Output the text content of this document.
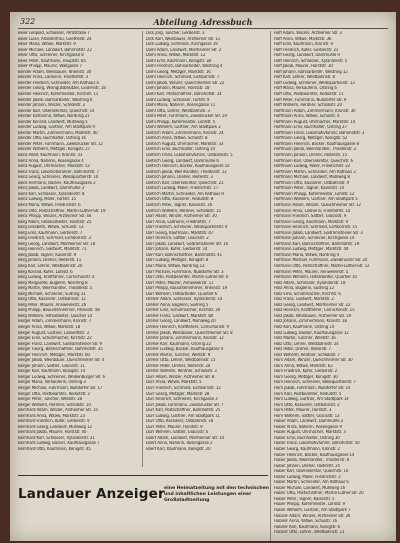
322	Abteilung Adressbuch

Beier Leopold, Schlosser, Amtstraße 7

Beier Luise, Arbeiterfrau, Goethestr. 24

Beier Maria, Witwe, Marktstr. 9

Beier Michael, Landwirt, Bahnhofstr. 22

Beier Otto, Schreiner, Kirchgasse 8

Beier Peter, Kaufmann, Hauptstr. 65

Beier Philipp, Maurer, Wallgasse 7

Bender Adam, Weinbauer, Rheinstr. 30

Bender Anna, Ladnerin, Friedhofstr. 3

Bender Friedrich, Schneider, Am Rathaus 4

Bender Georg, Weingutsbesitzer, Lindenstr. 18

Bender Heinrich, Küfermeister, Kirchstr. 11

Bender Jakob, Bahnarbeiter, Westring 6

Bender Johann, Winzer, Schloßstr. 2

Bender Karl, Obersekretär, Queichstr. 14

Bender Katharina, Witwe, Nordring 21

Bender Konrad, Landwirt, Mühlweg 5

Bender Ludwig, Gärtner, Am Stadtpark 9

Bender Martin, Zimmermann, Marktstr. 40

Bender Otto, Buchhalter, Ostring 16

Bender Peter, Fuhrmann, Zweibrücker Str. 12

Bender Wilhelm, Metzger, Königstr. 27

Benz Adolf, Kaufmann, Kronstr. 33

Benz Anna, Näherin, Rosengasse 4

Benz August, Uhrmacher, Marktstr. 52

Benz Franz, Lokomotivführer, Bahnhofstr. 7

Benz Georg, Schreiner, Weißquartierstr. 10

Benz Hermann, Bäcker, Kaufhausgasse 2

Benz Jakob, Landwirt, Dammühle 3

Benz Karl, Schlosser, Xylanderstr. 8

Benz Ludwig, Maler, Fortstr. 15

Benz Maria, Witwe, Friedrichstr. 6

Benz Otto, Postschaffner, Martin-Luther-Str. 19

Benz Philipp, Winzer, Arzheimer Str. 44

Berg Adam, Fabrikarbeiter, Horststr. 25

Berg Elisabeth, Witwe, Schulstr. 13

Berg Emil, Kaufmann, Gerberstr. 7

Berg Friedrich, Schmied, Eichbornstr. 3

Berg Georg, Landwirt, Mörlheimer Str. 18

Berg Heinrich, Gastwirt, Marktstr. 71

Berg Jakob, Tagner, Kaiserstr. 9

Berg Johann, Dreher, Reiterstr. 11

Berg Karl, Lehrer, Westbahnstr. 20

Berg Konrad, Küfer, Löhlstr. 6

Berg Ludwig, Kraftfahrer, Cornichonstr. 4

Berg Margarete, Büglerin, Nordring 8

Berg Martin, Weinhändler, Theaterstr. 5

Berg Michael, Schreiner, Südring 31

Berg Otto, Kassierer, Ostbahnstr. 12

Berg Peter, Maurer, Annweilerstr. 26

Berg Philipp, Bauunternehmer, Rheinstr. 48

Berg Wilhelm, Hilfsarbeiter, Quartier 14

Berger Adam, Zimmermann, Kronstr. 7

Berger Anna, Witwe, Marktstr. 18

Berger August, Gärtner, Lazarettstr. 3

Berger Emil, Schuhmacher, Kirchstr. 22

Berger Franz, Landwirt, Godramsteiner Str. 9

Berger Georg, Bahnschaffner, Bahnhofstr. 35

Berger Heinrich, Metzger, Marktstr. 60

Berger Jakob, Weinbauer, Queichheimer Str. 4

Berger Johann, Sattler, Glacisstr. 11

Berger Karl, Kaufmann, Königstr. 14

Berger Ludwig, Schreiner, Weißenburger Str. 6

Berger Maria, Verkäuferin, Ostring 3

Berger Michael, Fuhrmann, Nußdorfer Str. 17

Berger Otto, Postbeamter, Reduitstr. 2

Berger Peter, Tüncher, Weststr. 28

Berger Wilhelm, Rentner, Schloßstr. 10

Bernhard Adam, Winzer, Arzheimer Str. 15

Bernhard Anna, Witwe, Marktstr. 23

Bernhard Friedrich, Küfer, Gerberstr. 9

Bernhard Georg, Landwirt, Mühlweg 12

Bernhard Jakob, Maurer, Horststr. 40

Bernhard Karl, Schlosser, Xylanderstr. 21

Bernhard Ludwig, Bäcker, Kaufhausgasse 7

Bernhard Otto, Kaufmann, Königstr. 45

Dick Jörg, Tüncher, Gerberstr. 3

Dick Karl, Weinbauer, Arzheimer Str. 11

Dick Ludwig, Schreiner, Kirchgasse 19

Diehl Adam, Landwirt, Mörlheimer Str. 2

Diehl Anna, Witwe, Marktstr. 12

Diehl Emil, Kaufmann, Königstr. 38

Diehl Friedrich, Bahnarbeiter, Westring 4

Diehl Georg, Metzger, Marktstr. 16

Diehl Heinrich, Schmied, Eichbornstr. 7

Diehl Jakob, Winzer, Queichheimer Str. 22

Diehl Johann, Maurer, Horststr. 18

Diehl Karl, Postschaffner, Bahnhofstr. 14

Diehl Ludwig, Schlosser, Fortstr. 9

Diehl Maria, Näherin, Rosengasse 11

Diehl Otto, Lehrer, Westbahnstr. 3

Diehl Peter, Fuhrmann, Zweibrücker Str. 29

Diehl Philipp, Küfermeister, Löhlstr. 5

Diehl Wilhelm, Gärtner, Am Stadtpark 2

Dietrich Adam, Zimmermann, Kronstr. 24

Dietrich Anna, Witwe, Schulstr. 8

Dietrich August, Uhrmacher, Marktstr. 33

Dietrich Emil, Buchhalter, Ostring 10

Dietrich Franz, Lokomotivführer, Ostbahnstr. 5

Dietrich Georg, Landwirt, Dammühle 6

Dietrich Heinrich, Bäcker, Kaufhausgasse 10

Dietrich Jakob, Weinhändler, Theaterstr. 12

Dietrich Johann, Dreher, Reiterstr. 3

Dietrich Karl, Obersekretär, Queichstr. 21

Dietrich Ludwig, Maler, Friedrichstr. 17

Dietrich Martin, Schneider, Am Rathaus 9

Dietrich Otto, Kassierer, Reduitstr. 8

Dietrich Peter, Tagner, Kaiserstr. 26

Dietrich Wilhelm, Rentner, Schloßstr. 15

Dörr Adam, Winzer, Arzheimer Str. 30

Dörr Anna, Ladnerin, Friedhofstr. 7

Dörr Friedrich, Schreiner, Weißquartierstr. 4

Dörr Georg, Kaufmann, Marktstr. 47

Dörr Heinrich, Sattler, Glacisstr. 2

Dörr Jakob, Landwirt, Godramsteiner Str. 16

Dörr Johann, Küfer, Gerberstr. 14

Dörr Karl, Bahnschaffner, Bahnhofstr. 41

Dörr Ludwig, Metzger, Königstr. 8

Dörr Maria, Witwe, Nordring 13

Dörr Michael, Fuhrmann, Nußdorfer Str. 3

Dörr Otto, Postbeamter, Martin-Luther-Str. 6

Dörr Peter, Maurer, Annweilerstr. 11

Dörr Philipp, Bauunternehmer, Rheinstr. 19

Dörr Wilhelm, Hilfsarbeiter, Quartier 6

Dreher Adam, Schlosser, Xylanderstr. 14

Dreher Anna, Büglerin, Südring 5

Dreher Emil, Schuhmacher, Kirchstr. 30

Dreher Franz, Gastwirt, Marktstr. 80

Dreher Georg, Landwirt, Mühlweg 20

Dreher Heinrich, Kraftfahrer, Cornichonstr. 9

Dreher Jakob, Weinbauer, Queichheimer Str. 8

Dreher Johann, Zimmermann, Kronstr. 12

Dreher Karl, Kaufmann, Ostring 22

Dreher Ludwig, Bäcker, Kaufhausgasse 4

Dreher Martin, Tüncher, Weststr. 9

Dreher Otto, Lehrer, Westbahnstr. 15

Dreher Peter, Dreher, Reiterstr. 20

Dreher Wilhelm, Rentner, Schloßstr. 3

Dürr Adam, Winzer, Arzheimer Str. 8

Dürr Anna, Witwe, Marktstr. 5

Dürr Friedrich, Schmied, Eichbornstr. 12

Dürr Georg, Metzger, Marktstr. 28

Dürr Heinrich, Schreiner, Kirchgasse 3

Dürr Jakob, Fuhrmann, Zweibrücker Str. 7

Dürr Karl, Postschaffner, Bahnhofstr. 25

Dürr Ludwig, Gärtner, Am Stadtpark 11

Dürr Otto, Kassierer, Ostbahnstr. 18

Dürr Peter, Maurer, Horststr. 9

Dürr Wilhelm, Sattler, Glacisstr. 6

Ebert Adam, Landwirt, Mörlheimer Str. 14

Ebert Anna, Näherin, Rosengasse 2

Ebert Karl, Kaufmann, Königstr. 20

Hoff Adam, Winzer, Arzheimer Str. 3

Hoff Anna, Witwe, Marktstr. 36

Hoff Emil, Kaufmann, Kronstr. 9

Hoff Friedrich, Küfer, Gerberstr. 21

Hoff Georg, Landwirt, Dammühle 9

Hoff Heinrich, Schlosser, Xylanderstr. 5

Hoff Jakob, Maurer, Horststr. 30

Hoff Johann, Bahnarbeiter, Westring 12

Hoff Karl, Lehrer, Westbahnstr. 8

Hoff Ludwig, Schreiner, Weißquartierstr. 13

Hoff Maria, Verkäuferin, Ostring 6

Hoff Otto, Postbeamter, Reduitstr. 11

Hoff Peter, Fuhrmann, Nußdorfer Str. 9

Hoff Wilhelm, Rentner, Schloßstr. 20

Hoffmann Adam, Zimmermann, Kronstr. 30

Hoffmann Anna, Witwe, Schulstr. 4

Hoffmann August, Uhrmacher, Marktstr. 14

Hoffmann Emil, Buchhalter, Ostring 27

Hoffmann Franz, Lokomotivführer, Bahnhofstr. 3

Hoffmann Georg, Metzger, Königstr. 52

Hoffmann Heinrich, Bäcker, Kaufhausgasse 8

Hoffmann Jakob, Weinhändler, Theaterstr. 2

Hoffmann Johann, Dreher, Reiterstr. 15

Hoffmann Karl, Obersekretär, Queichstr. 6

Hoffmann Ludwig, Maler, Friedrichstr. 22

Hoffmann Martin, Schneider, Am Rathaus 2

Hoffmann Michael, Landwirt, Mühlweg 8

Hoffmann Otto, Kassierer, Ostbahnstr. 9

Hoffmann Peter, Tagner, Kaiserstr. 14

Hoffmann Philipp, Küfermeister, Löhlstr. 12

Hoffmann Wilhelm, Gärtner, Am Stadtpark 5

Hofmann Adam, Winzer, Queichheimer Str. 12

Hofmann Anna, Ladnerin, Friedhofstr. 10

Hofmann Friedrich, Sattler, Glacisstr. 9

Hofmann Georg, Kaufmann, Marktstr. 9

Hofmann Heinrich, Schmied, Eichbornstr. 15

Hofmann Jakob, Landwirt, Godramsteiner Str. 3

Hofmann Johann, Schreiner, Kirchgasse 14

Hofmann Karl, Bahnschaffner, Bahnhofstr. 19

Hofmann Ludwig, Metzger, Marktstr. 44

Hofmann Maria, Witwe, Nordring 4

Hofmann Michael, Fuhrmann, Zweibrücker Str. 20

Hofmann Otto, Postschaffner, Martin-Luther-Str. 12

Hofmann Peter, Maurer, Annweilerstr. 5

Hofmann Wilhelm, Hilfsarbeiter, Quartier 10

Holz Adam, Schlosser, Xylanderstr. 18

Holz Anna, Büglerin, Südring 12

Holz Emil, Schuhmacher, Kirchstr. 6

Holz Franz, Gastwirt, Marktstr. 2

Holz Georg, Landwirt, Mörlheimer Str. 22

Holz Heinrich, Kraftfahrer, Cornichonstr. 15

Holz Jakob, Weinbauer, Arzheimer Str. 19

Holz Johann, Zimmermann, Kronstr. 18

Holz Karl, Kaufmann, Ostring 14

Holz Ludwig, Bäcker, Kaufhausgasse 12

Holz Martin, Tüncher, Weststr. 16

Holz Otto, Lehrer, Westbahnstr. 24

Holz Peter, Dreher, Reiterstr. 7

Holz Wilhelm, Rentner, Schloßstr. 7

Horn Adam, Winzer, Queichheimer Str. 30

Horn Anna, Witwe, Marktstr. 62

Horn Friedrich, Küfer, Gerberstr. 2

Horn Georg, Metzger, Königstr. 30

Horn Heinrich, Schreiner, Weißquartierstr. 7

Horn Jakob, Fuhrmann, Nußdorfer Str. 14

Horn Karl, Postbeamter, Reduitstr. 5

Horn Ludwig, Gärtner, Am Stadtpark 14

Horn Otto, Kassierer, Ostbahnstr. 2

Horn Peter, Maurer, Horststr. 3

Horn Wilhelm, Sattler, Glacisstr. 13

Huber Adam, Landwirt, Dammühle 2

Huber Anna, Näherin, Rosengasse 9

Huber August, Uhrmacher, Marktstr. 3

Huber Emil, Buchhalter, Ostring 30

Huber Franz, Lokomotivführer, Bahnhofstr. 50

Huber Georg, Kaufmann, Kronstr. 2

Huber Heinrich, Bäcker, Kaufhausgasse 14

Huber Jakob, Weinhändler, Theaterstr. 8

Huber Johann, Dreher, Reiterstr. 25

Huber Karl, Obersekretär, Queichstr. 10

Huber Ludwig, Maler, Friedrichstr. 3

Huber Martin, Schneider, Am Rathaus 6

Huber Michael, Landwirt, Mühlweg 16

Huber Otto, Postschaffner, Martin-Luther-Str. 20

Huber Peter, Tagner, Kaiserstr. 5

Huber Philipp, Küfermeister, Löhlstr. 9

Huber Wilhelm, Gärtner, Am Stadtpark 7

Hübner Adam, Winzer, Arzheimer Str. 26

Hübner Anna, Witwe, Schulstr. 16

Hübner Karl, Kaufmann, Königstr. 6

Hübner Otto, Lehrer, Westbahnstr. 11

Landauer Anzeiger eine Heimatzeitung mit den technischen und inhaltlichen Leistungen einer Großstadtzeitung
